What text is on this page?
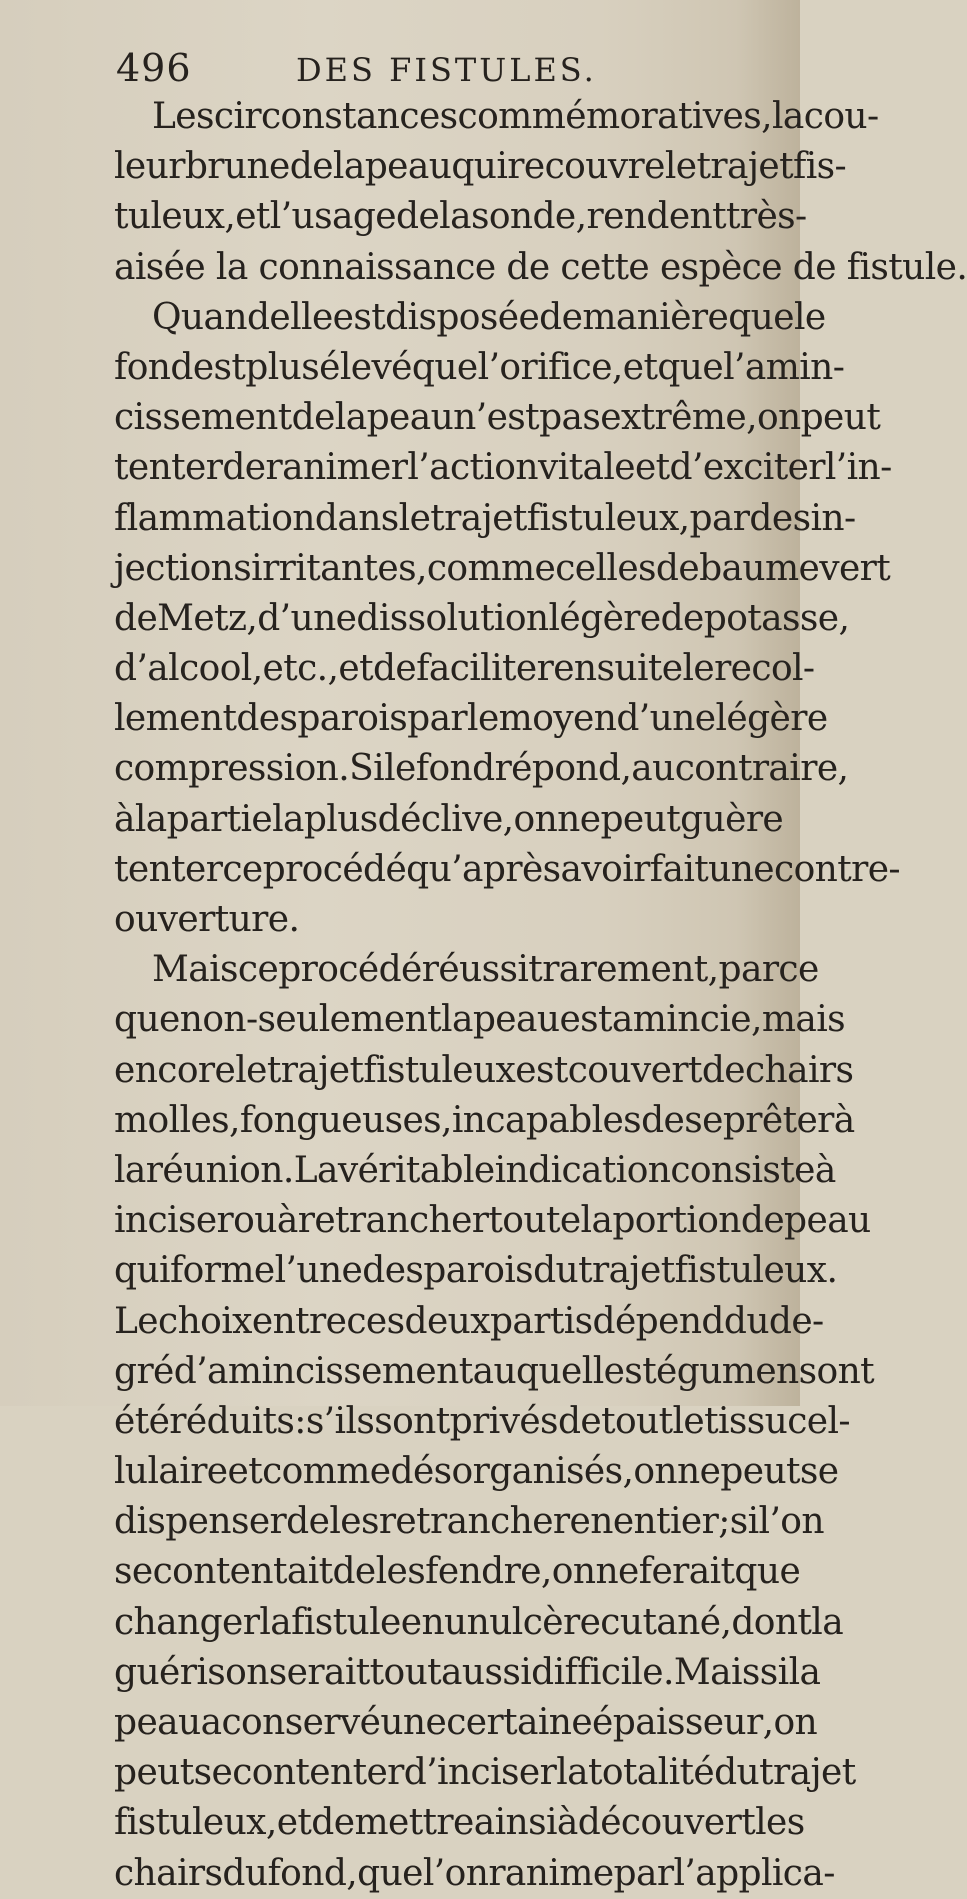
496	DES FISTULES.
Les circonstances commémoratives , la cou-
leur brune de la peau qui recouvre le trajet fis-
tuleux , et l’usage de la sonde , rendent très-
aisée la connaissance de cette espèce de fistule.
Quand elle est disposée de manière que le
fond est plus élevé que l’orifice , et que l’amin-
cissement de la peau n’est pas extrême , on peut
tenter de ranimer l’action vitale et d’exciter l’in-
flammation dans le trajet fistuleux, par des in-
jections irritantes , comme celles de baume vert
de Metz , d’une dissolution légère de potasse ,
d’alcool , etc. , et de faciliter ensuite le recol-
lement des parois par le moyen d’une légère
compression. Si le fond répond , au contraire ,
à la partie la plus déclive , on ne peut guère
tenter ce procédé qu’après avoir fait une contre-
ouverture.
Mais ce procédé réussit rarement , parce
que non-seulement la peau est amincie , mais
encore le trajet fistuleux est couvert de chairs
molles , fongueuses , incapables de se prêter à
la réunion. La véritable indication consiste à
inciser ou à retrancher toute la portion de peau
qui forme l’une des parois du trajet fistuleux.
Le choix entre ces deux partis dépend du de-
gré d’amincissement auquel les tégumens ont
été réduits : s’ils sont privés de tout le tissu cel-
lulaire et comme désorganisés , on ne peut se
dispenser de les retrancher en entier ; si l’on
se contentait de les fendre , on ne ferait que
changer la fistule en un ulcère cutané , dont la
guérison serait tout aussi difficile. Mais si la
peau a conservé une certaine épaisseur , on
peut se contenter d’inciser la totalité du trajet
fistuleux , et de mettre ainsi à découvert les
chairs du fond , que l’on ranime par l’applica-
